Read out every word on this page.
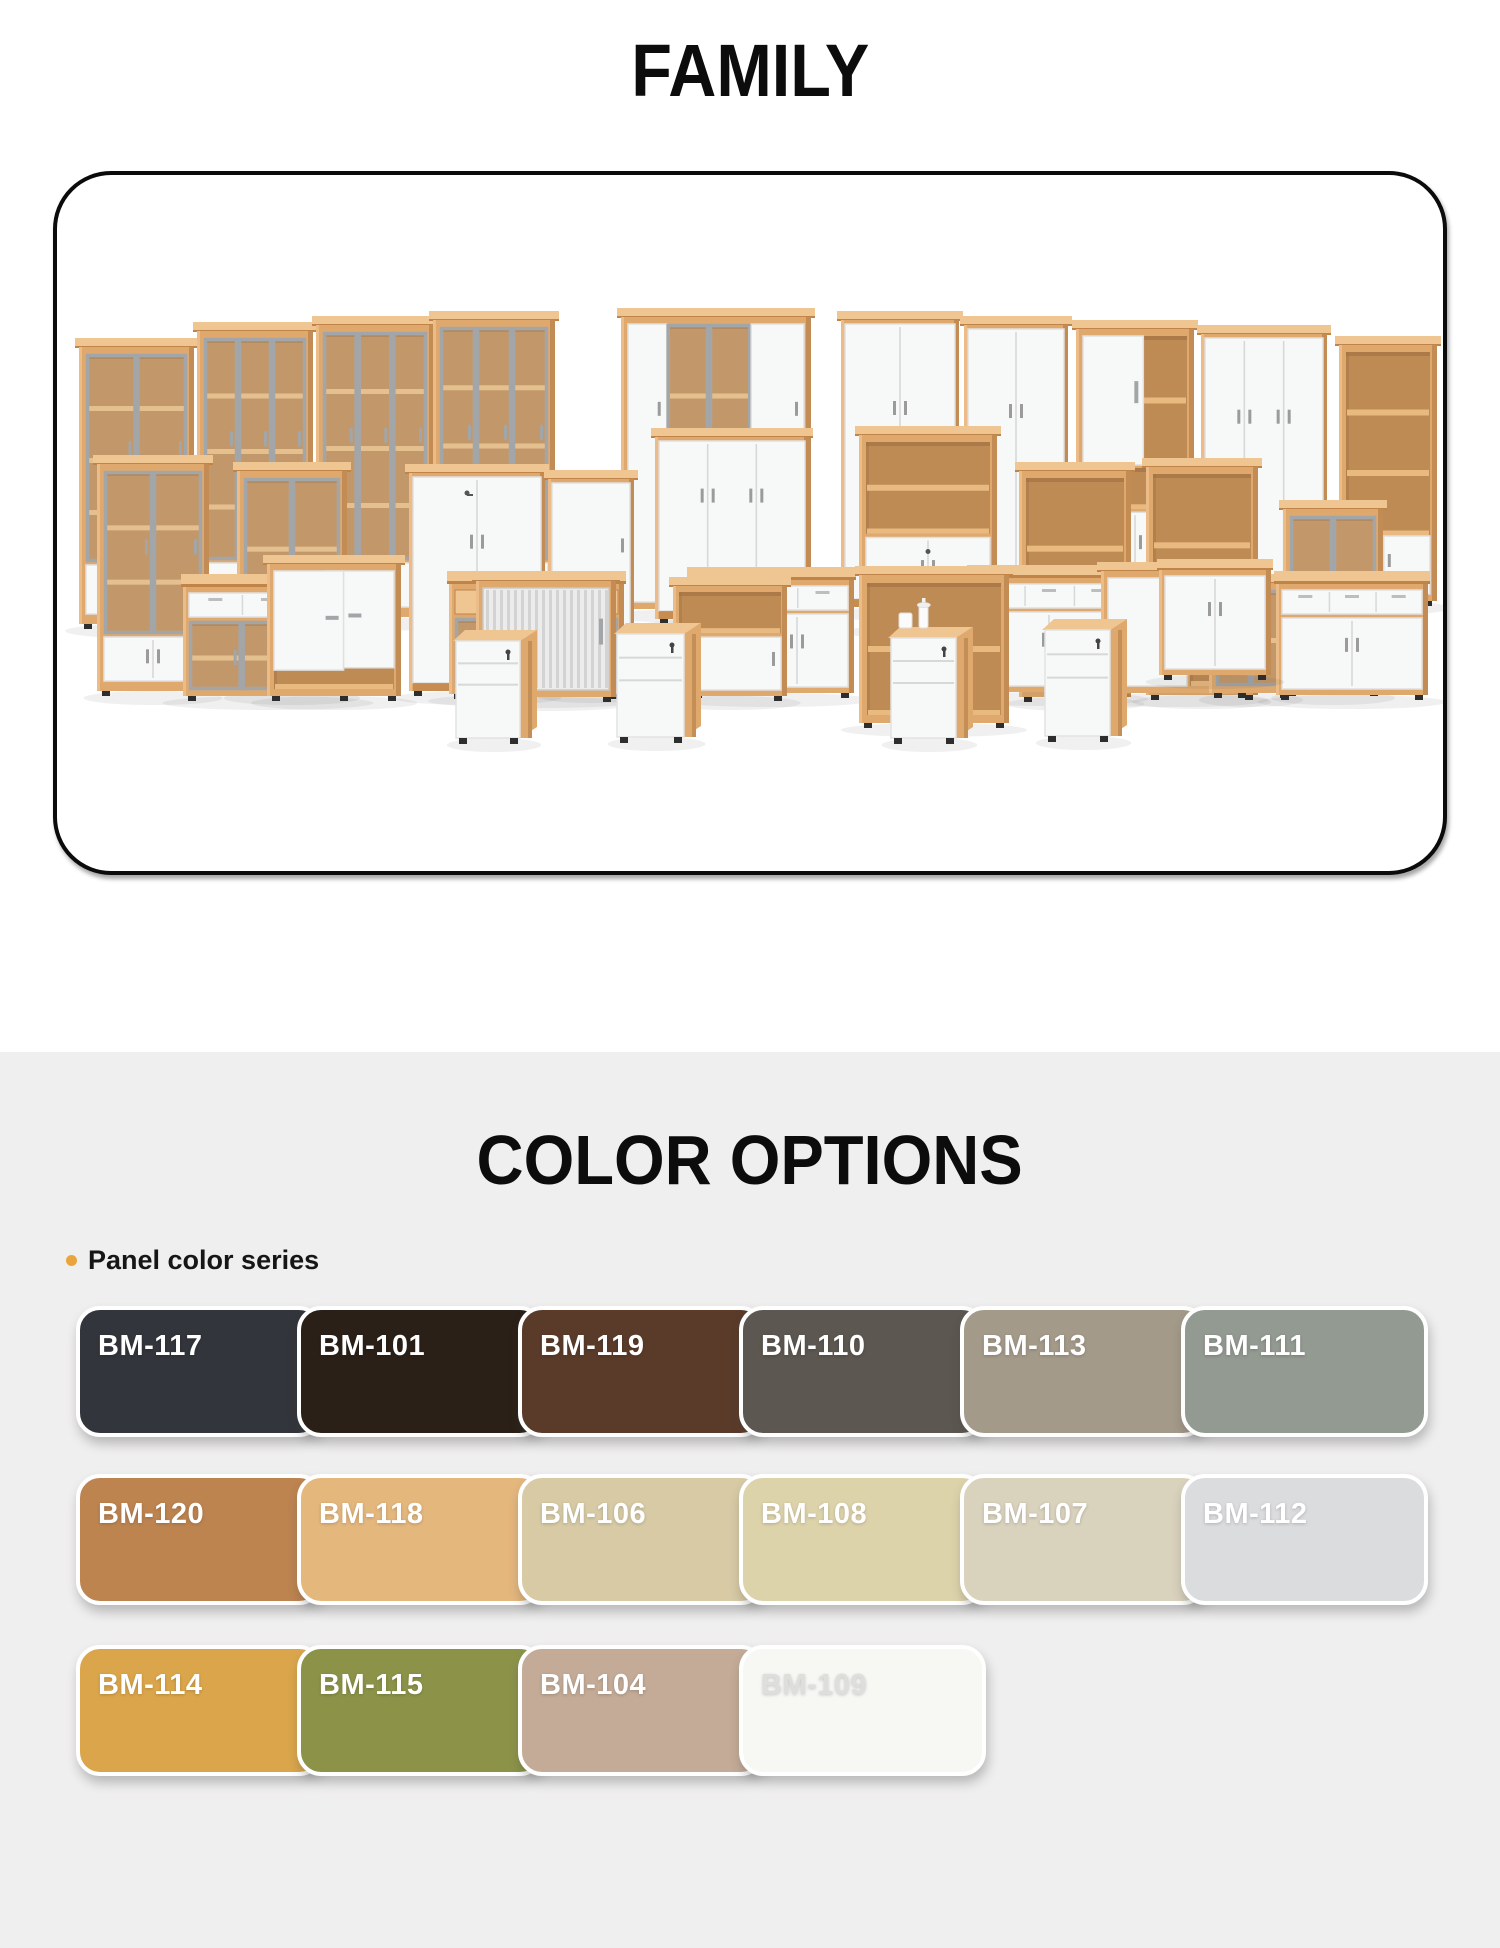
FAMILY
COLOR OPTIONS
Panel color series
BM-117	BM-101	BM-119	BM-110	BM-113	BM-111
BM-120	BM-118	BM-106	BM-108	BM-107	BM-112
BM-114	BM-115	BM-104	BM-109
